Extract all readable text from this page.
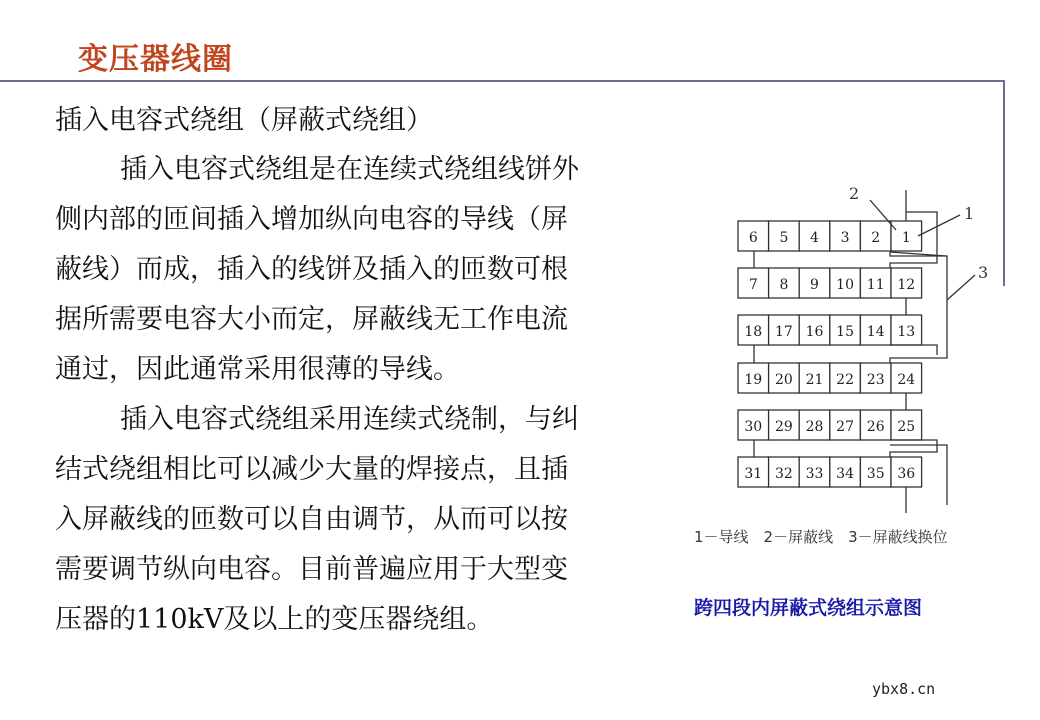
变压器线圈
插入电容式绕组（屏蔽式绕组）
插入电容式绕组是在连续式绕组线饼外
侧内部的匝间插入增加纵向电容的导线（屏
蔽线）而成，插入的线饼及插入的匝数可根
据所需要电容大小而定，屏蔽线无工作电流
通过，因此通常采用很薄的导线。
插入电容式绕组采用连续式绕制，与纠
结式绕组相比可以减少大量的焊接点，且插
入屏蔽线的匝数可以自由调节，从而可以按
需要调节纵向电容。目前普遍应用于大型变
压器的110kV及以上的变压器绕组。
6 5 4 3 2 1
7 8 9 10 11 12
18 17 16 15 14 13
19 20 21 22 23 24
30 29 28 27 26 25
31 32 33 34 35 36
1
2
3
1－导线　2－屏蔽线　3－屏蔽线换位
跨四段内屏蔽式绕组示意图
ybx8.cn
